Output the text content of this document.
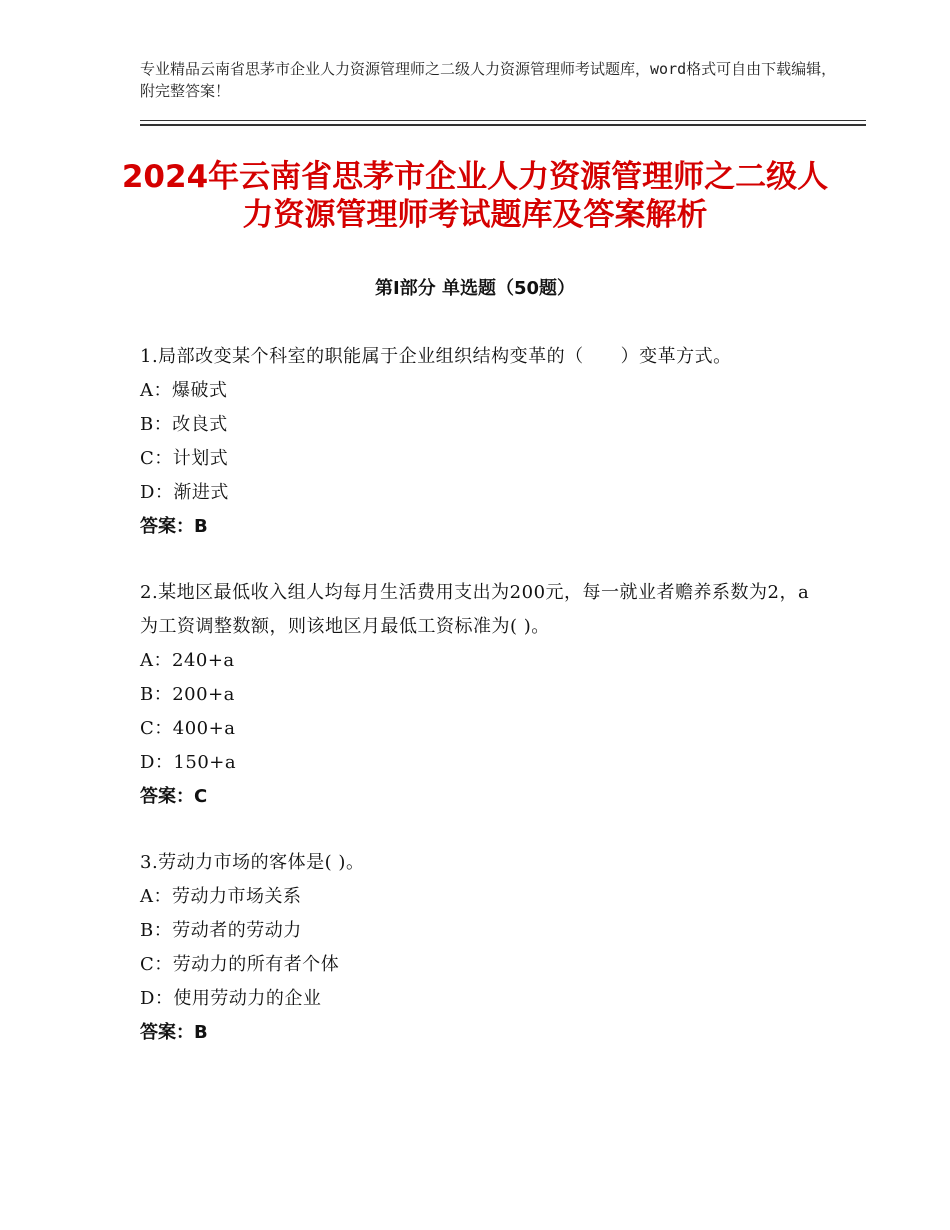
专业精品云南省思茅市企业人力资源管理师之二级人力资源管理师考试题库，word格式可自由下载编辑，附完整答案！
2024年云南省思茅市企业人力资源管理师之二级人力资源管理师考试题库及答案解析
第Ⅰ部分 单选题（50题）
1.局部改变某个科室的职能属于企业组织结构变革的（　　）变革方式。
A：爆破式
B：改良式
C：计划式
D：渐进式
答案：B
2.某地区最低收入组人均每月生活费用支出为200元，每一就业者赡养系数为2，a为工资调整数额，则该地区月最低工资标准为( )。
A：240+a
B：200+a
C：400+a
D：150+a
答案：C
3.劳动力市场的客体是( )。
A：劳动力市场关系
B：劳动者的劳动力
C：劳动力的所有者个体
D：使用劳动力的企业
答案：B
